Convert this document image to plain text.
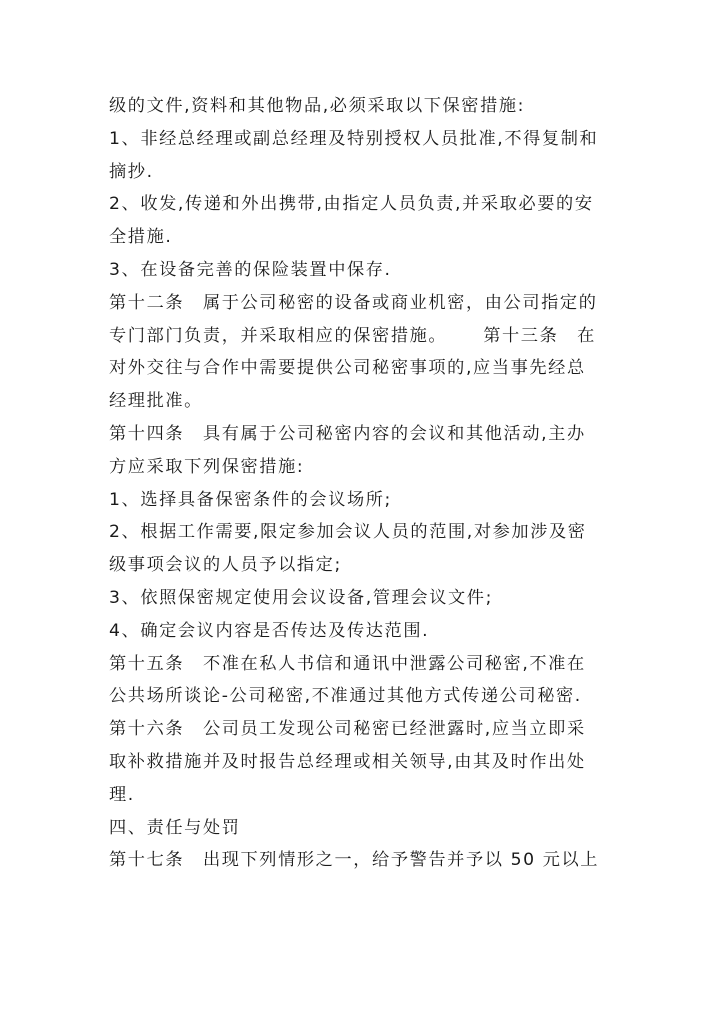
级的文件,资料和其他物品,必须采取以下保密措施:
1、非经总经理或副总经理及特别授权人员批准,不得复制和
摘抄.
2、收发,传递和外出携带,由指定人员负责,并采取必要的安
全措施.
3、在设备完善的保险装置中保存.
第十二条　属于公司秘密的设备或商业机密，由公司指定的
专门部门负责，并采取相应的保密措施。　　 第十三条　在
对外交往与合作中需要提供公司秘密事项的,应当事先经总
经理批准。
第十四条　具有属于公司秘密内容的会议和其他活动,主办
方应采取下列保密措施:
1、选择具备保密条件的会议场所;
2、根据工作需要,限定参加会议人员的范围,对参加涉及密
级事项会议的人员予以指定;
3、依照保密规定使用会议设备,管理会议文件;
4、确定会议内容是否传达及传达范围.
第十五条　不准在私人书信和通讯中泄露公司秘密,不准在
公共场所谈论-公司秘密,不准通过其他方式传递公司秘密.
第十六条　公司员工发现公司秘密已经泄露时,应当立即采
取补救措施并及时报告总经理或相关领导,由其及时作出处
理.
四、责任与处罚
第十七条　出现下列情形之一，给予警告并予以 50 元以上
